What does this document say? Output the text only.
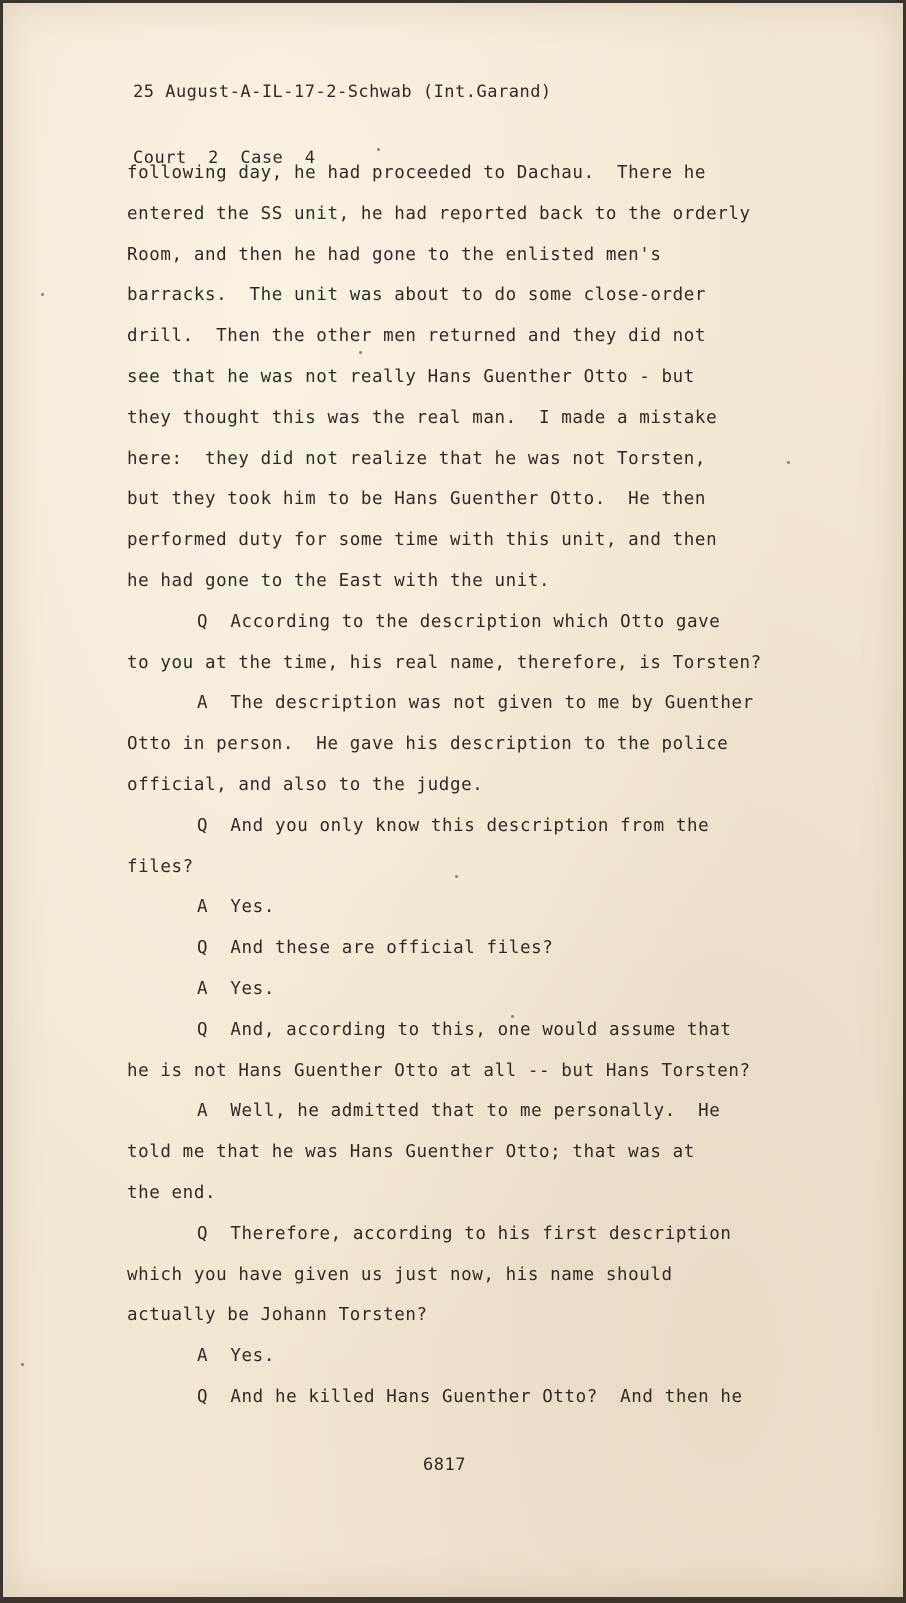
25 August-A-IL-17-2-Schwab (Int.Garand)

Court  2  Case  4

following day, he had proceeded to Dachau.  There he
entered the SS unit, he had reported back to the orderly
Room, and then he had gone to the enlisted men's
barracks.  The unit was about to do some close-order
drill.  Then the other men returned and they did not
see that he was not really Hans Guenther Otto - but
they thought this was the real man.  I made a mistake
here:  they did not realize that he was not Torsten,
but they took him to be Hans Guenther Otto.  He then
performed duty for some time with this unit, and then
he had gone to the East with the unit.
Q  According to the description which Otto gave
to you at the time, his real name, therefore, is Torsten?
A  The description was not given to me by Guenther
Otto in person.  He gave his description to the police
official, and also to the judge.
Q  And you only know this description from the
files?
A  Yes.
Q  And these are official files?
A  Yes.
Q  And, according to this, one would assume that
he is not Hans Guenther Otto at all -- but Hans Torsten?
A  Well, he admitted that to me personally.  He
told me that he was Hans Guenther Otto; that was at
the end.
Q  Therefore, according to his first description
which you have given us just now, his name should
actually be Johann Torsten?
A  Yes.
Q  And he killed Hans Guenther Otto?  And then he
6817
